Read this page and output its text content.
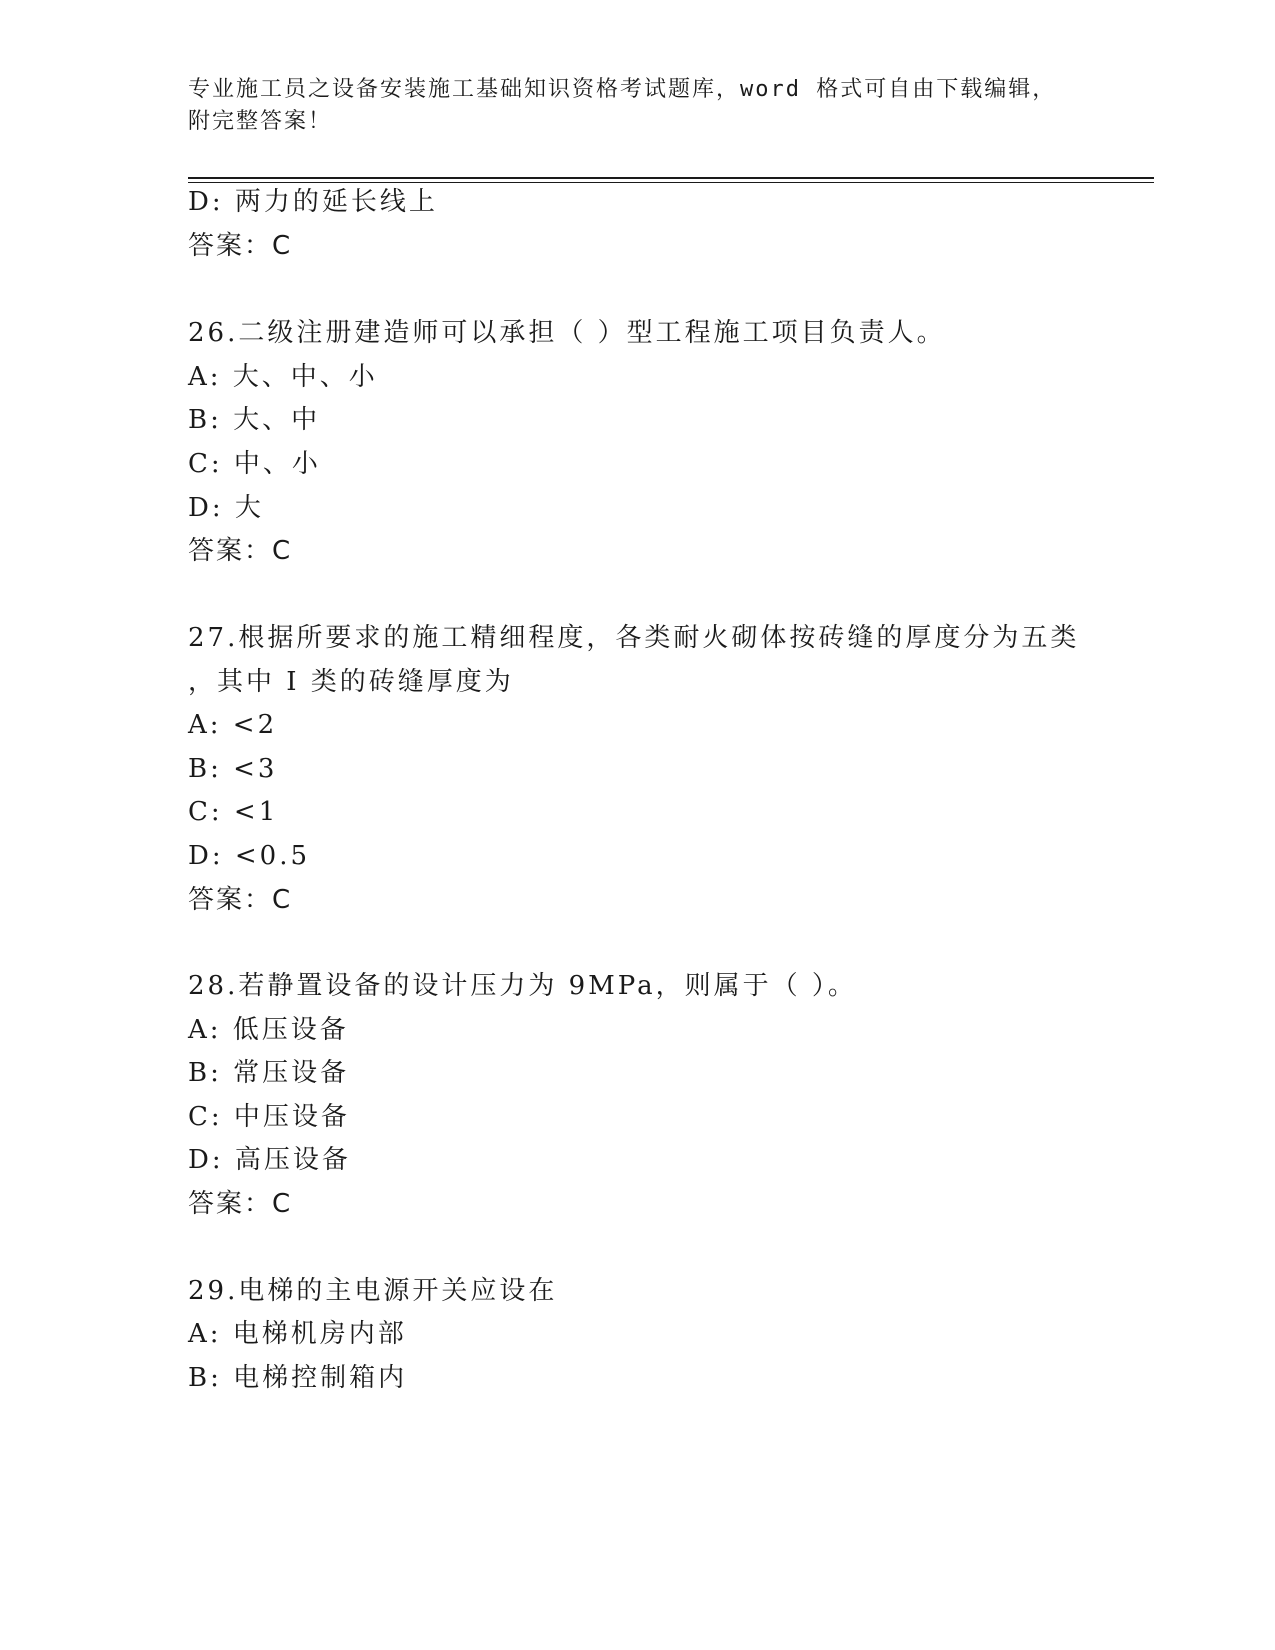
专业施工员之设备安装施工基础知识资格考试题库，word 格式可自由下载编辑，
附完整答案！
D: 两力的延长线上
答案：C
26.二级注册建造师可以承担（ ）型工程施工项目负责人。
A: 大、中、小
B: 大、中
C: 中、小
D: 大
答案：C
27.根据所要求的施工精细程度，各类耐火砌体按砖缝的厚度分为五类
，其中 I 类的砖缝厚度为
A: <2
B: <3
C: <1
D: <0.5
答案：C
28.若静置设备的设计压力为 9MPa，则属于（ ）。
A: 低压设备
B: 常压设备
C: 中压设备
D: 高压设备
答案：C
29.电梯的主电源开关应设在
A: 电梯机房内部
B: 电梯控制箱内
